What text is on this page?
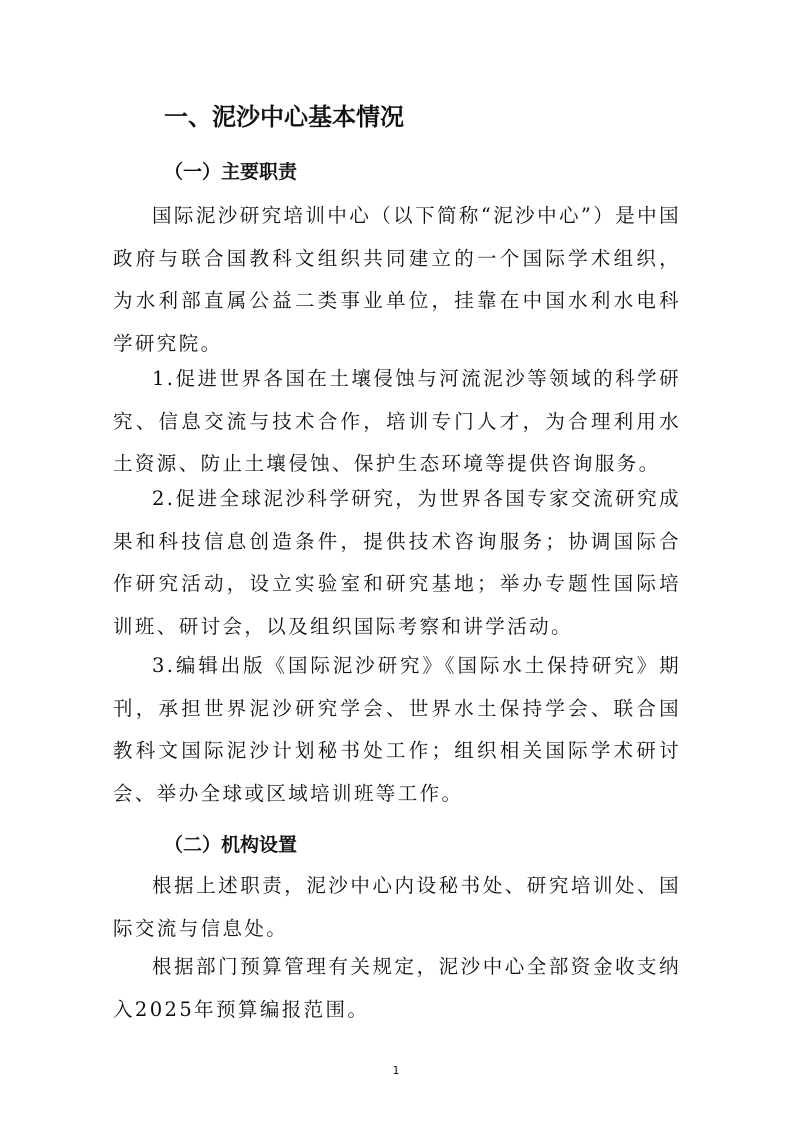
一、泥沙中心基本情况
（一）主要职责

国际泥沙研究培训中心（以下简称“泥沙中心”）是中国政府与联合国教科文组织共同建立的一个国际学术组织，为水利部直属公益二类事业单位，挂靠在中国水利水电科学研究院。

1.促进世界各国在土壤侵蚀与河流泥沙等领域的科学研究、信息交流与技术合作，培训专门人才，为合理利用水土资源、防止土壤侵蚀、保护生态环境等提供咨询服务。

2.促进全球泥沙科学研究，为世界各国专家交流研究成果和科技信息创造条件，提供技术咨询服务；协调国际合作研究活动，设立实验室和研究基地；举办专题性国际培训班、研讨会，以及组织国际考察和讲学活动。

3.编辑出版《国际泥沙研究》《国际水土保持研究》期刊，承担世界泥沙研究学会、世界水土保持学会、联合国教科文国际泥沙计划秘书处工作；组织相关国际学术研讨会、举办全球或区域培训班等工作。

（二）机构设置

根据上述职责，泥沙中心内设秘书处、研究培训处、国际交流与信息处。

根据部门预算管理有关规定，泥沙中心全部资金收支纳入2025年预算编报范围。

1
